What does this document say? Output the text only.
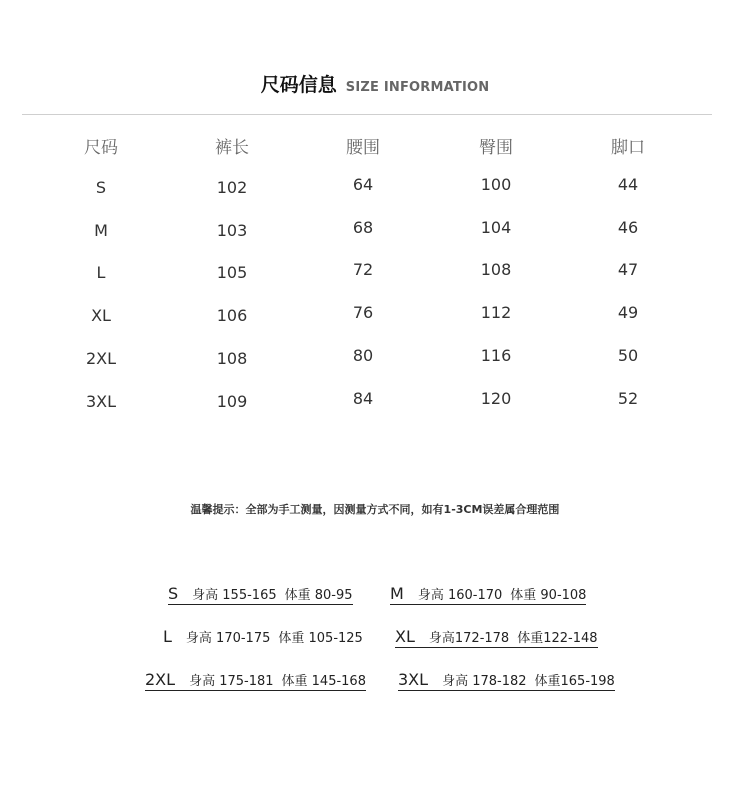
尺码信息 SIZE INFORMATION
尺码	裤长	腰围	臀围	脚口
S	102	64	100	44
M	103	68	104	46
L	105	72	108	47
XL	106	76	112	49
2XL	108	80	116	50
3XL	109	84	120	52
温馨提示：全部为手工测量，因测量方式不同，如有1-3CM误差属合理范围
S 身高 155-165 体重 80-95 M 身高 160-170 体重 90-108
L 身高 170-175 体重 105-125 XL 身高172-178 体重122-148
2XL 身高 175-181 体重 145-168 3XL 身高 178-182 体重165-198
